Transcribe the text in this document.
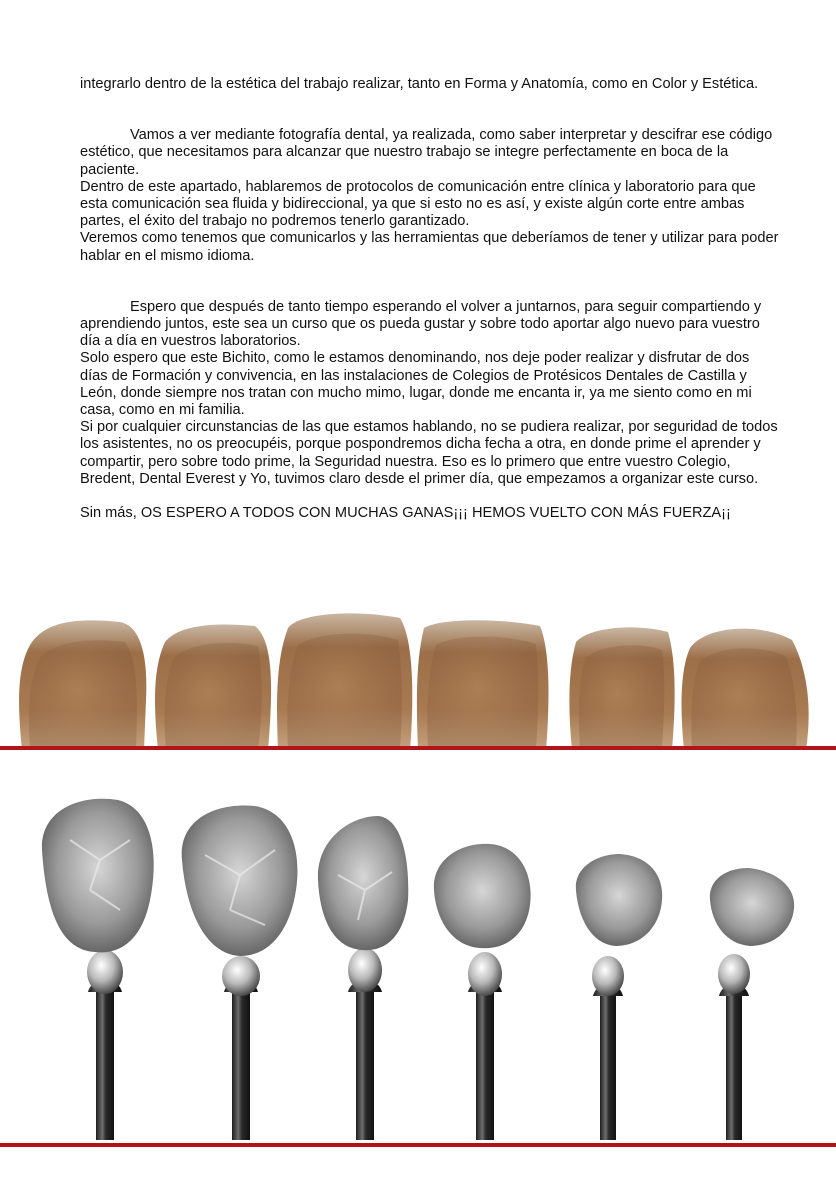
integrarlo dentro de la estética del trabajo realizar, tanto en Forma y Anatomía, como en Color y Estética.

Vamos a ver mediante fotografía dental, ya realizada, como saber interpretar y descifrar ese código estético, que necesitamos para alcanzar que nuestro trabajo se integre perfectamente en boca de la paciente.

Dentro de este apartado, hablaremos de protocolos de comunicación entre clínica y laboratorio para que esta comunicación sea fluida y bidireccional, ya que si esto no es así, y existe algún corte entre ambas partes, el éxito del trabajo no podremos tenerlo garantizado.

Veremos como tenemos que comunicarlos y las herramientas que deberíamos de tener y utilizar para poder hablar en el mismo idioma.

Espero que después de tanto tiempo esperando el volver a juntarnos, para seguir compartiendo y aprendiendo juntos, este sea un curso que os pueda gustar y sobre todo aportar algo nuevo para vuestro día a día en vuestros laboratorios.

Solo espero que este Bichito, como le estamos denominando, nos deje poder realizar y disfrutar de dos días de Formación y convivencia, en las instalaciones de Colegios de Protésicos Dentales de Castilla y León, donde siempre nos tratan con mucho mimo, lugar, donde me encanta ir, ya me siento como en mi casa, como en mi familia.

Si por cualquier circunstancias de las que estamos hablando, no se pudiera realizar, por seguridad de todos los asistentes, no os preocupéis, porque pospondremos dicha fecha a otra, en donde prime el aprender y compartir, pero sobre todo prime, la Seguridad nuestra. Eso es lo primero que entre vuestro Colegio, Bredent, Dental Everest y Yo, tuvimos claro desde el primer día, que empezamos a organizar este curso.

Sin más, OS ESPERO A TODOS CON MUCHAS GANAS¡¡¡ HEMOS VUELTO CON MÁS FUERZA¡¡
